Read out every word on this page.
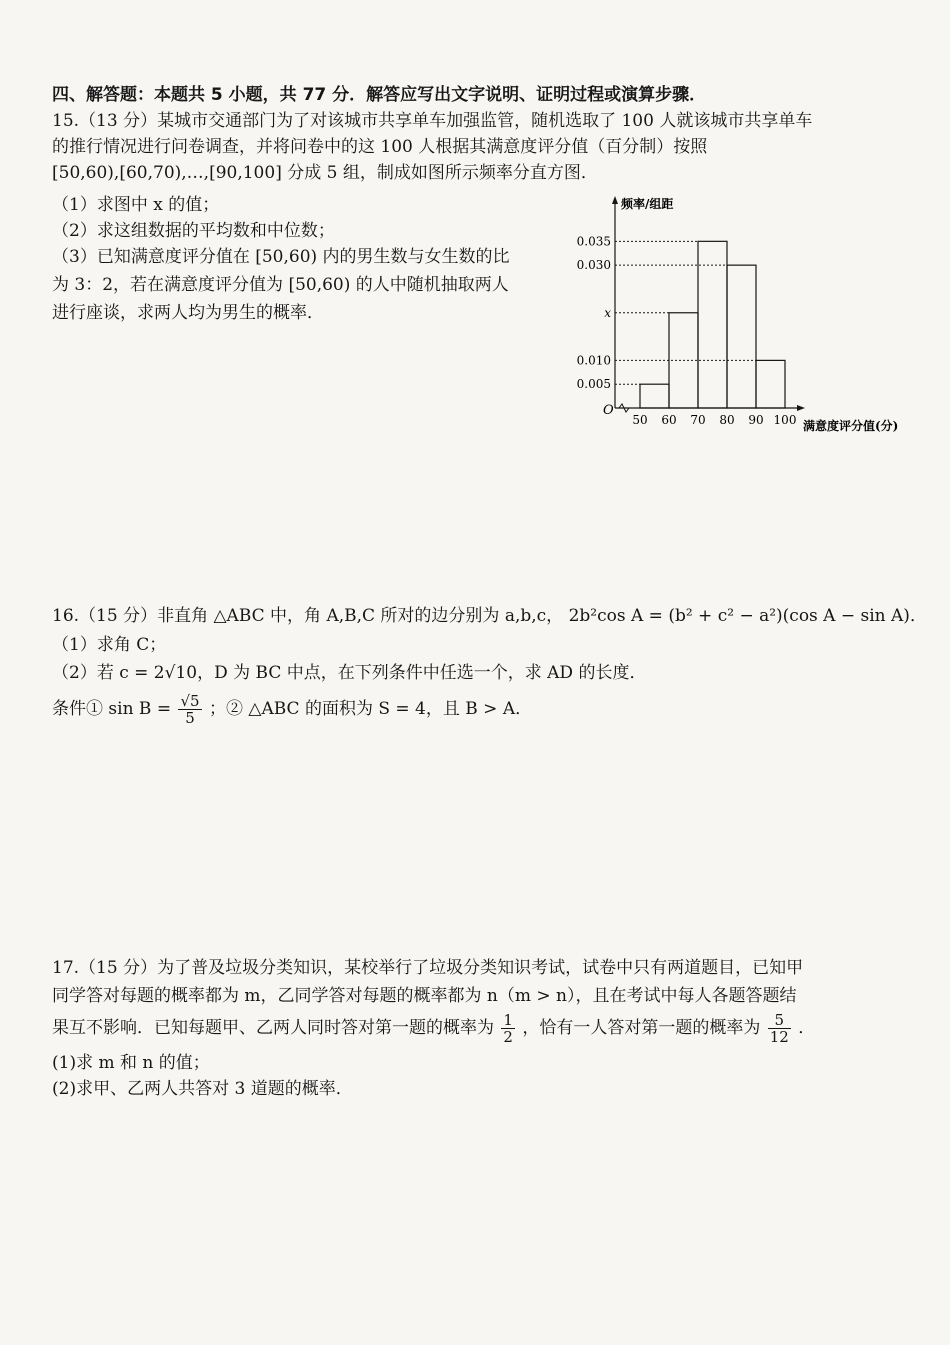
四、解答题：本题共 5 小题，共 77 分．解答应写出文字说明、证明过程或演算步骤．
15.（13 分）某城市交通部门为了对该城市共享单车加强监管，随机选取了 100 人就该城市共享单车
的推行情况进行问卷调查，并将问卷中的这 100 人根据其满意度评分值（百分制）按照
[50,60),[60,70),…,[90,100] 分成 5 组，制成如图所示频率分直方图．
（1）求图中 x 的值；
（2）求这组数据的平均数和中位数；
（3）已知满意度评分值在 [50,60) 内的男生数与女生数的比
为 3：2，若在满意度评分值为 [50,60) 的人中随机抽取两人
进行座谈，求两人均为男生的概率．
0.005
x
0.035
0.030
0.010
50 60 70 80 90 100
O
频率/组距
满意度评分值(分)
16.（15 分）非直角 △ABC 中，角 A,B,C 所对的边分别为 a,b,c， 2b²cos A = (b² + c² − a²)(cos A − sin A)．
（1）求角 C；
（2）若 c = 2√10，D 为 BC 中点，在下列条件中任选一个，求 AD 的长度．
条件① $\sin B = \frac{√5}{5}$ ；② △ABC 的面积为 S = 4，且 B > A．
17.（15 分）为了普及垃圾分类知识，某校举行了垃圾分类知识考试，试卷中只有两道题目，已知甲
同学答对每题的概率都为 m，乙同学答对每题的概率都为 n（m > n），且在考试中每人各题答题结
果互不影响．已知每题甲、乙两人同时答对第一题的概率为 $\frac{1}{2}$ ，恰有一人答对第一题的概率为 $\frac{5}{12}$ ．
(1)求 m 和 n 的值；
(2)求甲、乙两人共答对 3 道题的概率．
